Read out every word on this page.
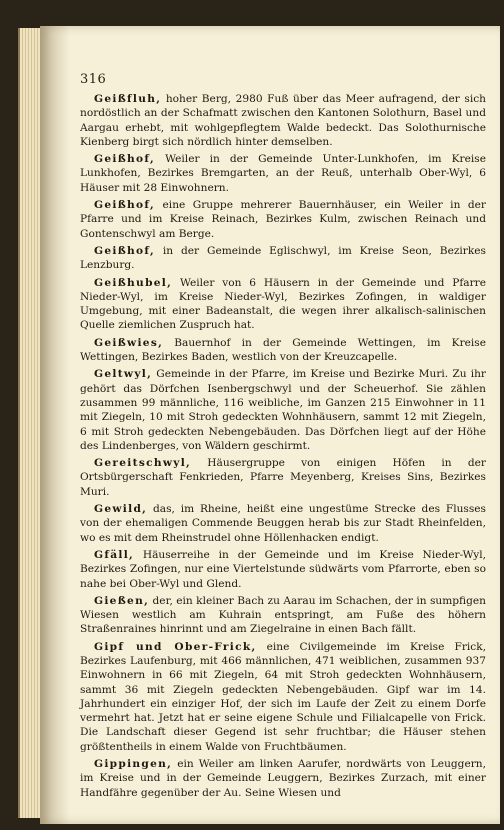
316

Geißfluh, hoher Berg, 2980 Fuß über das Meer aufragend, der sich nordöstlich an der Schafmatt zwischen den Kantonen Solothurn, Basel und Aargau erhebt, mit wohlgepflegtem Walde bedeckt. Das Solothurnische Kienberg birgt sich nördlich hinter demselben.

Geißhof, Weiler in der Gemeinde Unter-Lunkhofen, im Kreise Lunkhofen, Bezirkes Bremgarten, an der Reuß, unterhalb Ober-Wyl, 6 Häuser mit 28 Einwohnern.

Geißhof, eine Gruppe mehrerer Bauernhäuser, ein Weiler in der Pfarre und im Kreise Reinach, Bezirkes Kulm, zwischen Reinach und Gontenschwyl am Berge.

Geißhof, in der Gemeinde Eglischwyl, im Kreise Seon, Bezirkes Lenzburg.

Geißhubel, Weiler von 6 Häusern in der Gemeinde und Pfarre Nieder-Wyl, im Kreise Nieder-Wyl, Bezirkes Zofingen, in waldiger Umgebung, mit einer Badeanstalt, die wegen ihrer alkalisch-salinischen Quelle ziemlichen Zuspruch hat.

Geißwies, Bauernhof in der Gemeinde Wettingen, im Kreise Wettingen, Bezirkes Baden, westlich von der Kreuzcapelle.

Geltwyl, Gemeinde in der Pfarre, im Kreise und Bezirke Muri. Zu ihr gehört das Dörfchen Isenbergschwyl und der Scheuerhof. Sie zählen zusammen 99 männliche, 116 weibliche, im Ganzen 215 Einwohner in 11 mit Ziegeln, 10 mit Stroh gedeckten Wohnhäusern, sammt 12 mit Ziegeln, 6 mit Stroh gedeckten Nebengebäuden. Das Dörfchen liegt auf der Höhe des Lindenberges, von Wäldern geschirmt.

Gereitschwyl, Häusergruppe von einigen Höfen in der Ortsbürgerschaft Fenkrieden, Pfarre Meyenberg, Kreises Sins, Bezirkes Muri.

Gewild, das, im Rheine, heißt eine ungestüme Strecke des Flusses von der ehemaligen Commende Beuggen herab bis zur Stadt Rheinfelden, wo es mit dem Rheinstrudel ohne Höllenhacken endigt.

Gfäll, Häuserreihe in der Gemeinde und im Kreise Nieder-Wyl, Bezirkes Zofingen, nur eine Viertelstunde südwärts vom Pfarrorte, eben so nahe bei Ober-Wyl und Glend.

Gießen, der, ein kleiner Bach zu Aarau im Schachen, der in sumpfigen Wiesen westlich am Kuhrain entspringt, am Fuße des höhern Straßenraines hinrinnt und am Ziegelraine in einen Bach fällt.

Gipf und Ober-Frick, eine Civilgemeinde im Kreise Frick, Bezirkes Laufenburg, mit 466 männlichen, 471 weiblichen, zusammen 937 Einwohnern in 66 mit Ziegeln, 64 mit Stroh gedeckten Wohnhäusern, sammt 36 mit Ziegeln gedeckten Nebengebäuden. Gipf war im 14. Jahrhundert ein einziger Hof, der sich im Laufe der Zeit zu einem Dorfe vermehrt hat. Jetzt hat er seine eigene Schule und Filialcapelle von Frick. Die Landschaft dieser Gegend ist sehr fruchtbar; die Häuser stehen größtentheils in einem Walde von Fruchtbäumen.

Gippingen, ein Weiler am linken Aarufer, nordwärts von Leuggern, im Kreise und in der Gemeinde Leuggern, Bezirkes Zurzach, mit einer Handfähre gegenüber der Au. Seine Wiesen und
